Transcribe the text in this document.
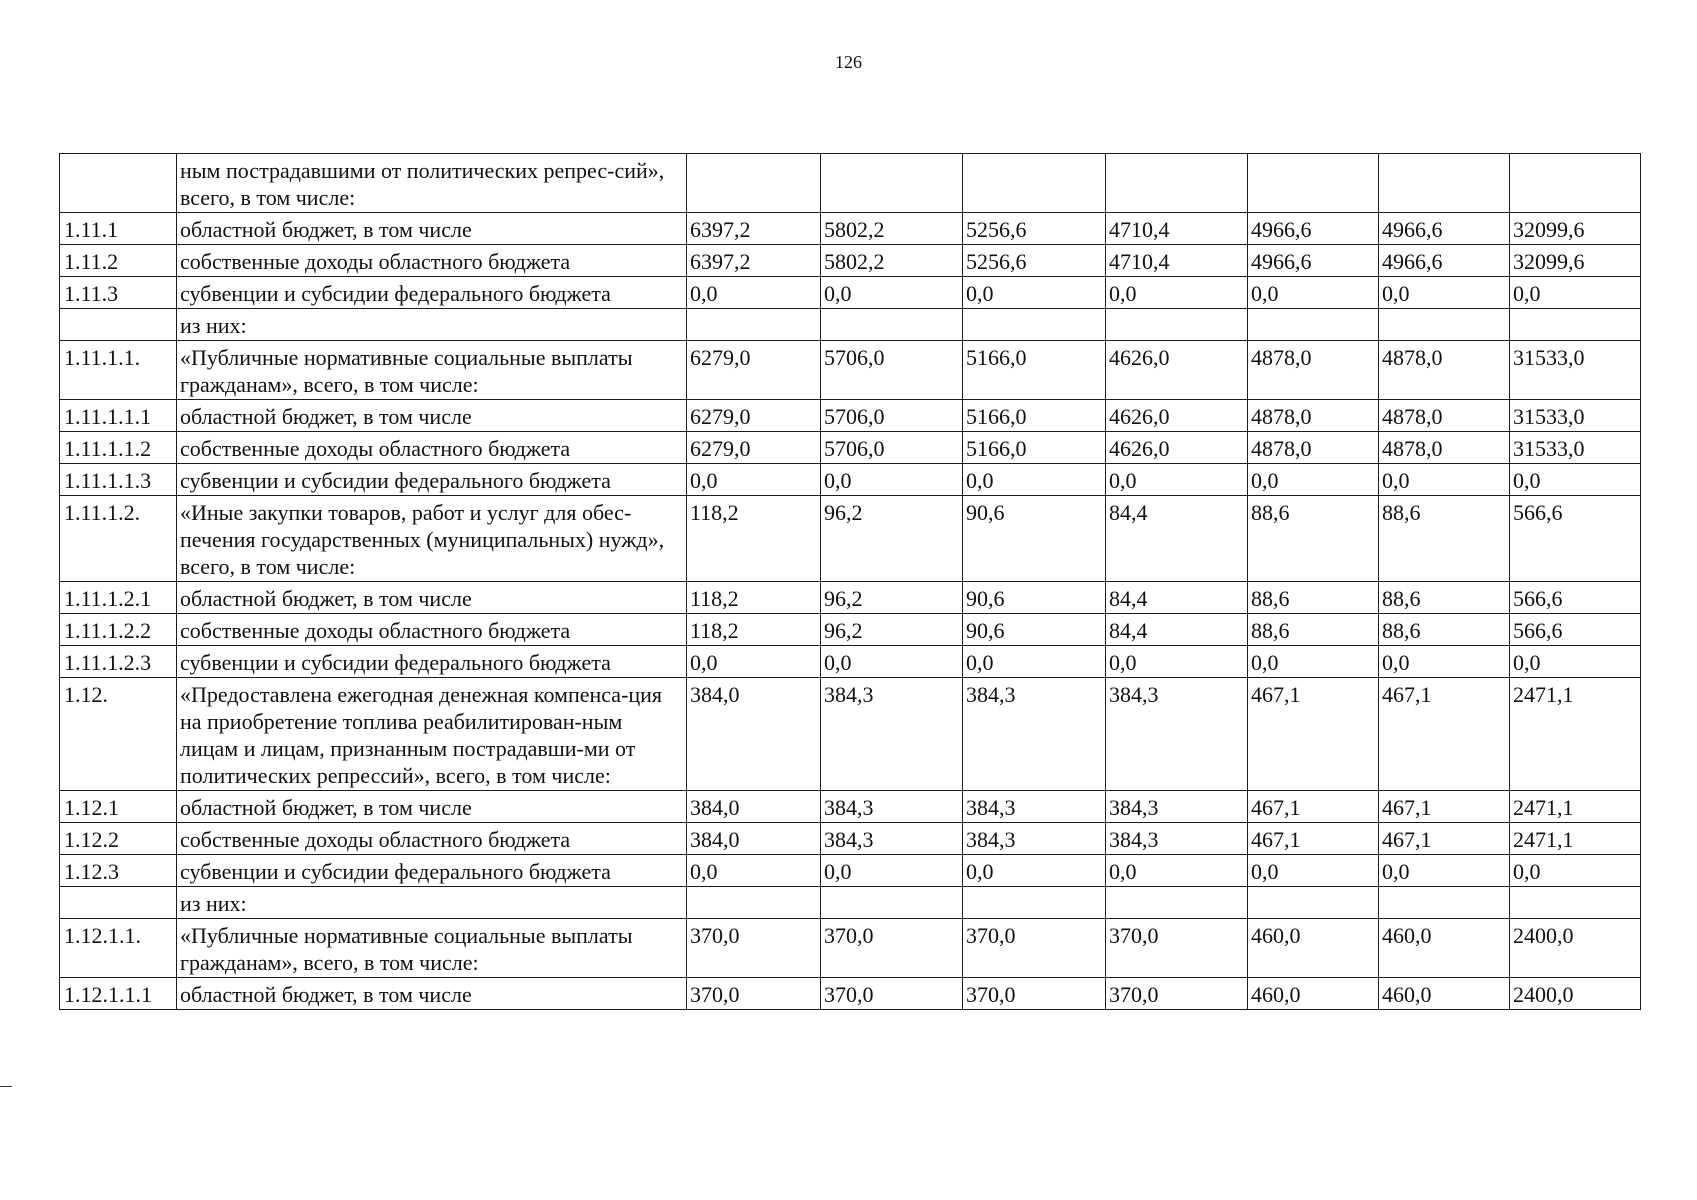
126
	ным пострадавшими от политических репрес-сий», всего, в том числе:							
1.11.1	областной бюджет, в том числе	6397,2	5802,2	5256,6	4710,4	4966,6	4966,6	32099,6
1.11.2	собственные доходы областного бюджета	6397,2	5802,2	5256,6	4710,4	4966,6	4966,6	32099,6
1.11.3	субвенции и субсидии федерального бюджета	0,0	0,0	0,0	0,0	0,0	0,0	0,0
	из них:							
1.11.1.1.	«Публичные нормативные социальные выплаты гражданам», всего, в том числе:	6279,0	5706,0	5166,0	4626,0	4878,0	4878,0	31533,0
1.11.1.1.1	областной бюджет, в том числе	6279,0	5706,0	5166,0	4626,0	4878,0	4878,0	31533,0
1.11.1.1.2	собственные доходы областного бюджета	6279,0	5706,0	5166,0	4626,0	4878,0	4878,0	31533,0
1.11.1.1.3	субвенции и субсидии федерального бюджета	0,0	0,0	0,0	0,0	0,0	0,0	0,0
1.11.1.2.	«Иные закупки товаров, работ и услуг для обес-печения государственных (муниципальных) нужд», всего, в том числе:	118,2	96,2	90,6	84,4	88,6	88,6	566,6
1.11.1.2.1	областной бюджет, в том числе	118,2	96,2	90,6	84,4	88,6	88,6	566,6
1.11.1.2.2	собственные доходы областного бюджета	118,2	96,2	90,6	84,4	88,6	88,6	566,6
1.11.1.2.3	субвенции и субсидии федерального бюджета	0,0	0,0	0,0	0,0	0,0	0,0	0,0
1.12.	«Предоставлена ежегодная денежная компенса-ция на приобретение топлива реабилитирован-ным лицам и лицам, признанным пострадавши-ми от политических репрессий», всего, в том числе:	384,0	384,3	384,3	384,3	467,1	467,1	2471,1
1.12.1	областной бюджет, в том числе	384,0	384,3	384,3	384,3	467,1	467,1	2471,1
1.12.2	собственные доходы областного бюджета	384,0	384,3	384,3	384,3	467,1	467,1	2471,1
1.12.3	субвенции и субсидии федерального бюджета	0,0	0,0	0,0	0,0	0,0	0,0	0,0
	из них:							
1.12.1.1.	«Публичные нормативные социальные выплаты гражданам», всего, в том числе:	370,0	370,0	370,0	370,0	460,0	460,0	2400,0
1.12.1.1.1	областной бюджет, в том числе	370,0	370,0	370,0	370,0	460,0	460,0	2400,0
